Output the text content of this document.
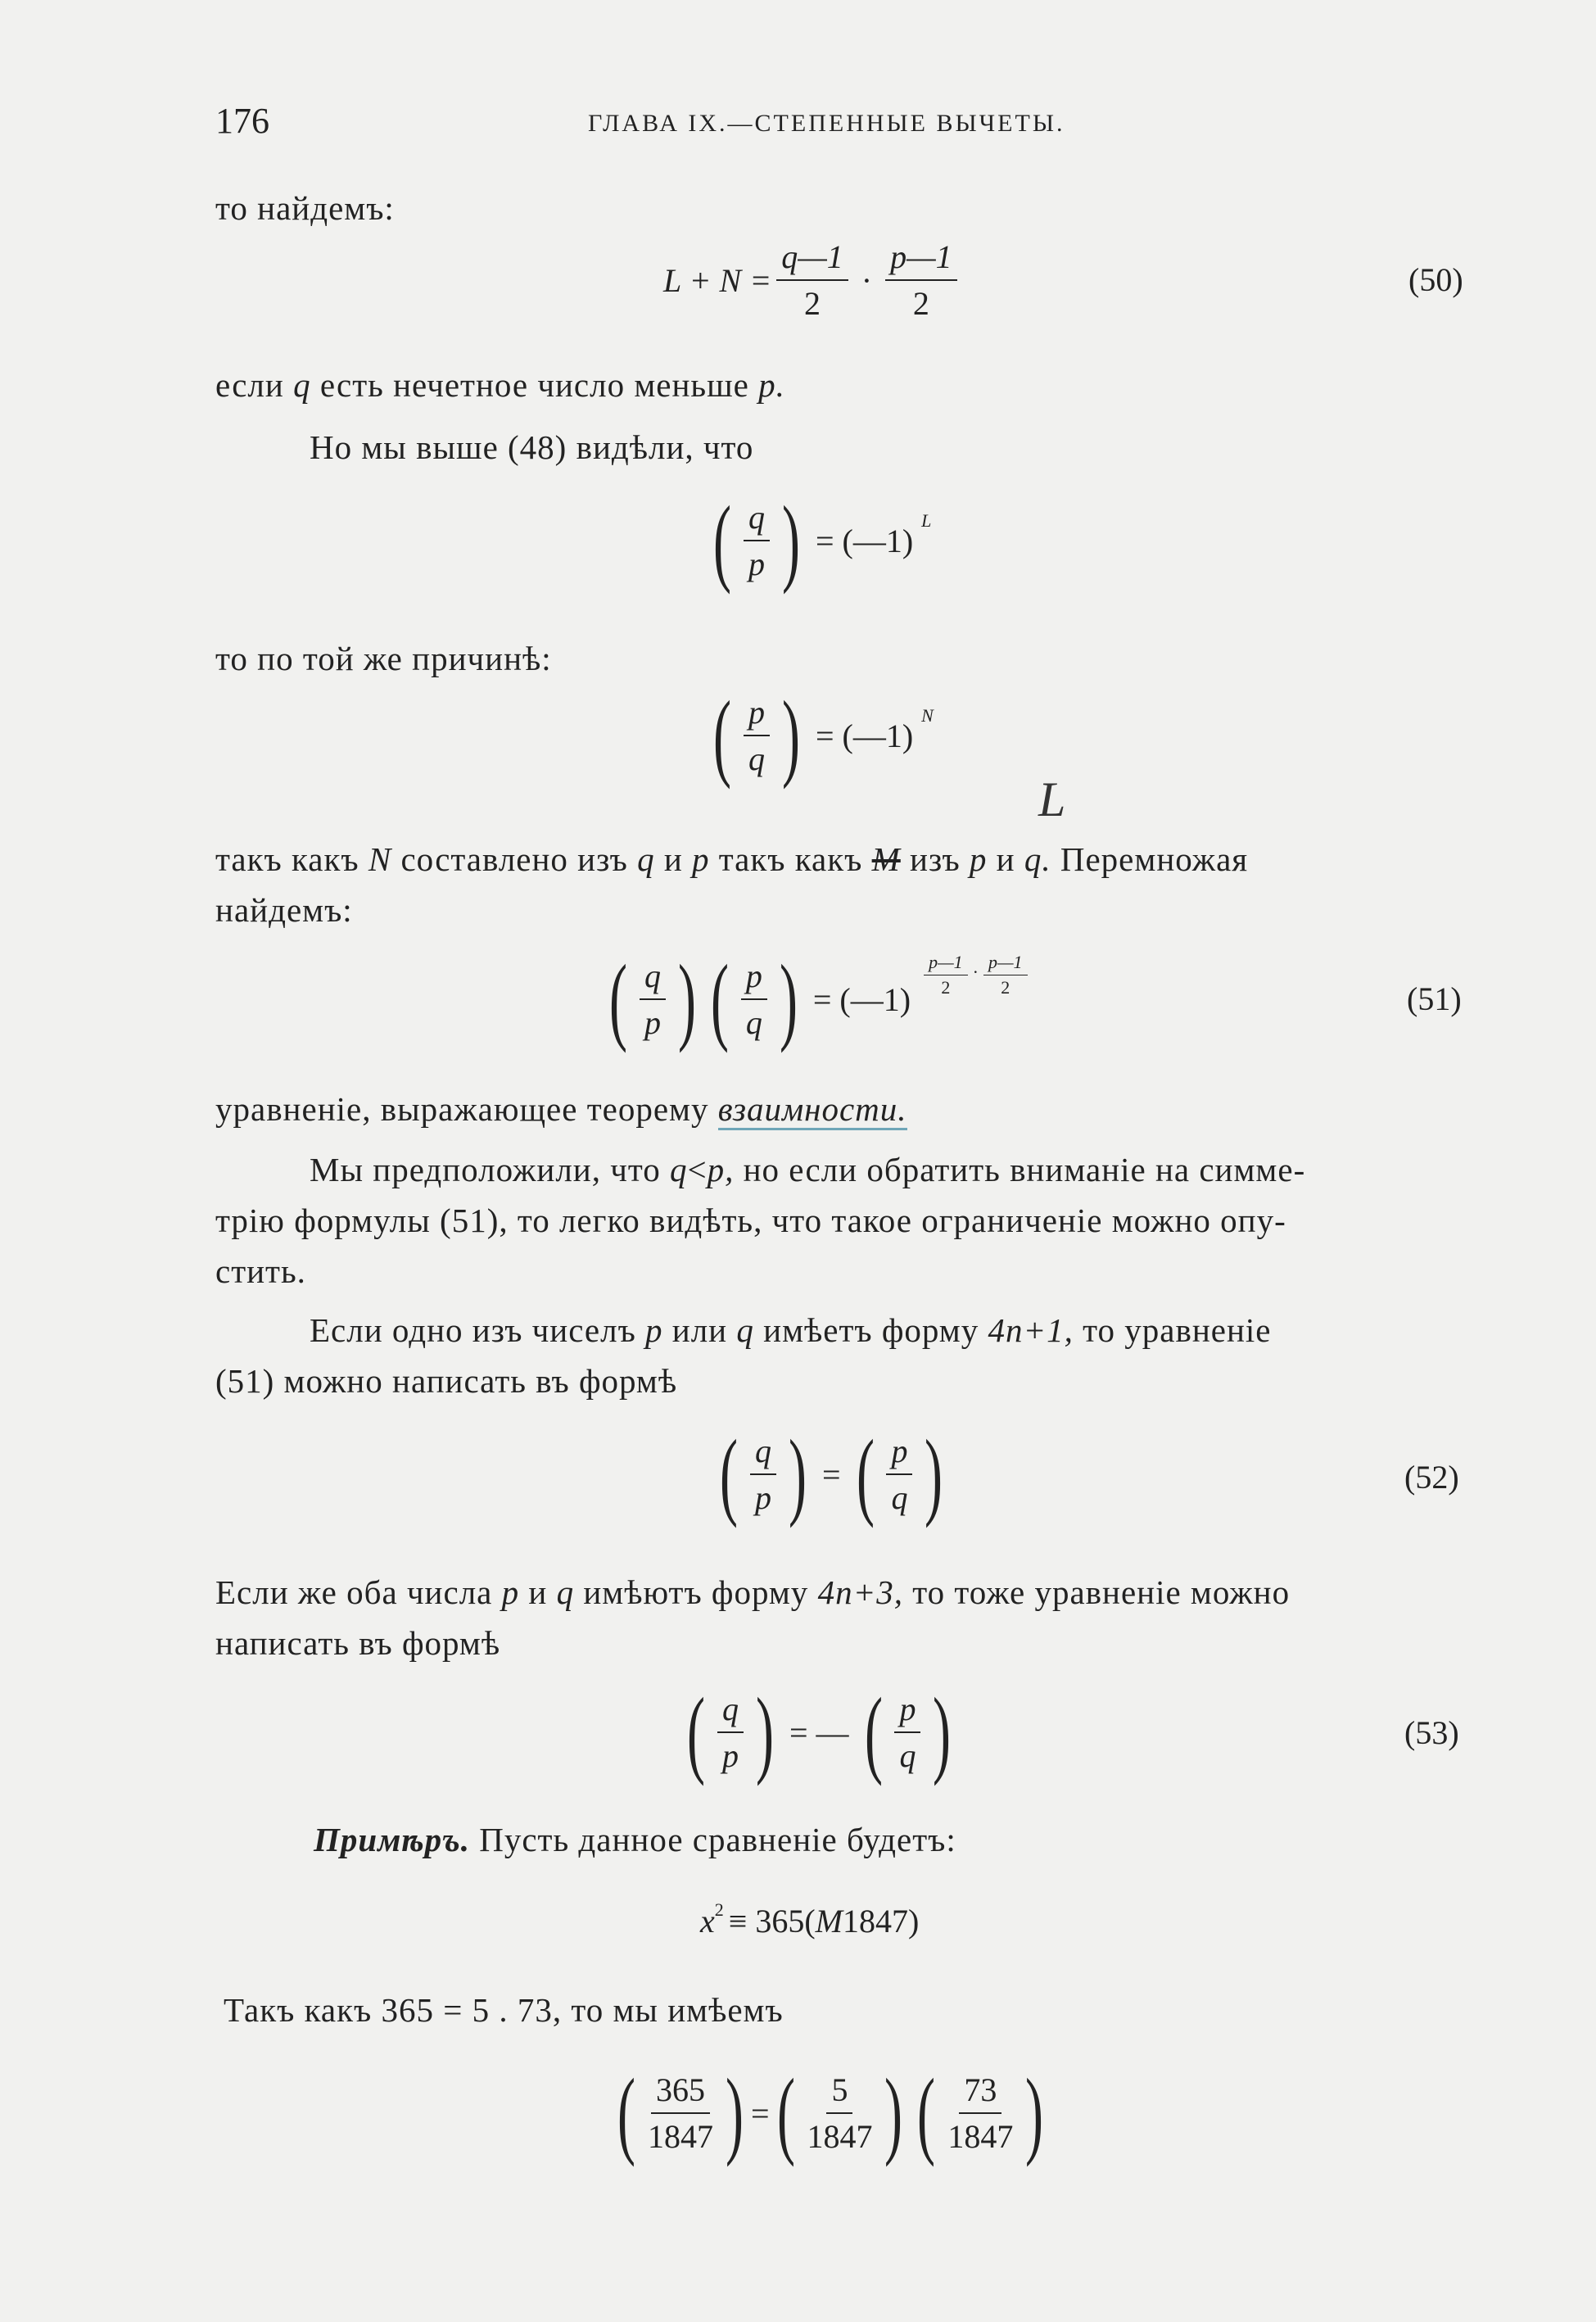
176	ГЛАВА IX.—СТЕПЕННЫЕ ВЫЧЕТЫ.
то найдемъ:
$L + N = \frac{q—1}{2} \cdot \frac{p—1}{2}$	(50)
если q есть нечетное число меньше p.
Но мы выше (48) видѣли, что
( $\frac{q}{p}$ ) = (—1)
L
то по той же причинѣ:
( $\frac{p}{q}$ ) = (—1)
N
L
такъ какъ N составлено изъ q и p такъ какъ M изъ p и q. Перемножая
найдемъ:
( $\frac{q}{p}$ ) ( $\frac{p}{q}$ ) = (—1)
$\frac{p—1}{2} \cdot \frac{p—1}{2}$
(51)
уравненіе, выражающее теорему взаимности.
Мы предположили, что q<p, но если обратить вниманіе на симме-
трію формулы (51), то легко видѣть, что такое ограниченіе можно опу-
стить.
Если одно изъ чиселъ p или q имѣетъ форму 4n+1, то уравненіе
(51) можно написать въ формѣ
( $\frac{q}{p}$ ) = ( $\frac{p}{q}$ )	(52)
Если же оба числа p и q имѣютъ форму 4n+3, то тоже уравненіе можно
написать въ формѣ
( $\frac{q}{p}$ ) = — ( $\frac{p}{q}$ )	(53)
Примѣръ. Пусть данное сравненіе будетъ:
x 2 ≡ 365( M 1847)
Такъ какъ 365 = 5 . 73, то мы имѣемъ
( $\frac{365}{1847}$ ) = ( $\frac{5}{1847}$ ) ( $\frac{73}{1847}$ )
